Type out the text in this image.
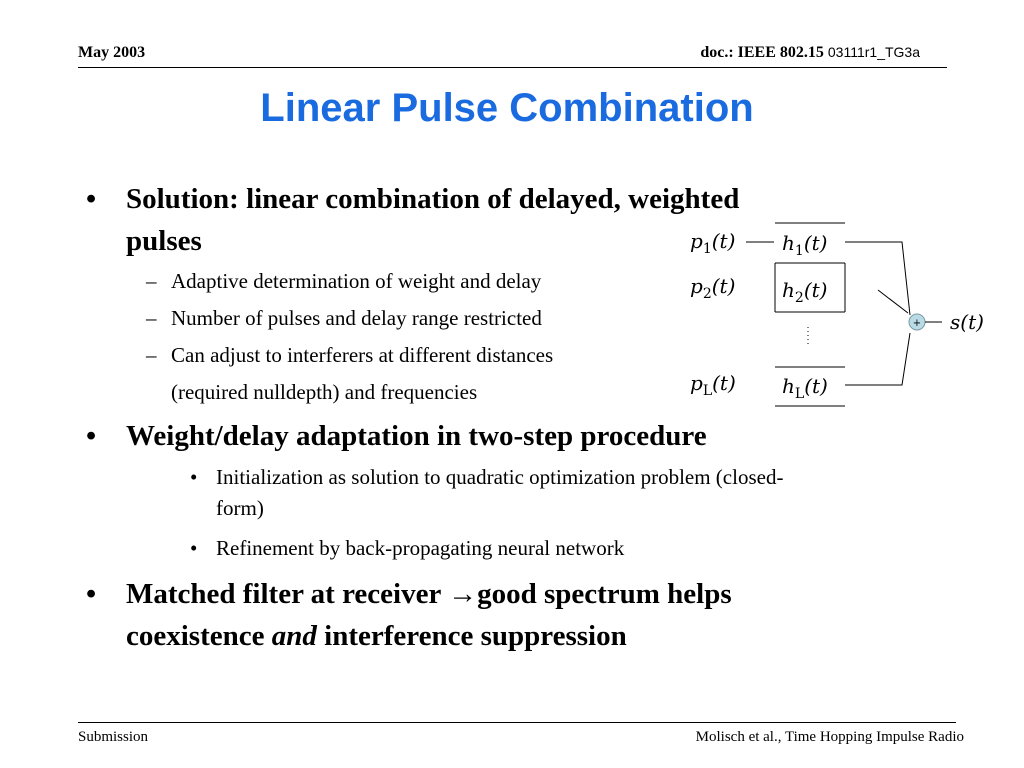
May 2003	doc.: IEEE 802.15 03111r1_TG3a
Linear Pulse Combination
• Solution: linear combination of delayed, weighted
pulses
– Adaptive determination of weight and delay
– Number of pulses and delay range restricted
– Can adjust to interferers at different distances
(required nulldepth) and frequencies
• Weight/delay adaptation in two-step procedure
• Initialization as solution to quadratic optimization problem (closed-
form)
• Refinement by back-propagating neural network
• Matched filter at receiver →good spectrum helps
coexistence and interference suppression
$p_1(t)$ $h_1(t)$
$p_2(t)$ $h_2(t)$
$p_L(t)$ $h_L(t)$
+ s(t)
Submission	Molisch et al., Time Hopping Impulse Radio
